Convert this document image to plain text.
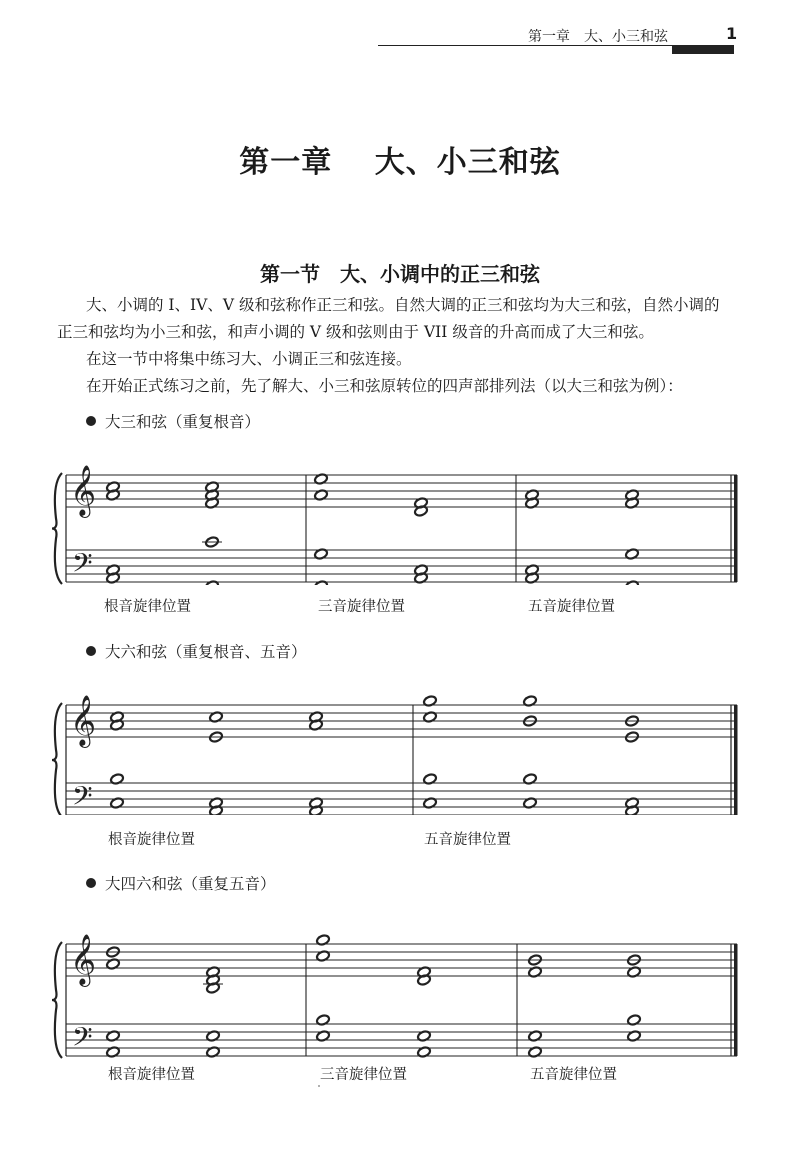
第一章　大、小三和弦	1
第一章　 大、小三和弦
第一节　大、小调中的正三和弦
大、小调的 I、IV、V 级和弦称作正三和弦。自然大调的正三和弦均为大三和弦，自然小调的
正三和弦均为小三和弦，和声小调的 V 级和弦则由于 VII 级音的升高而成了大三和弦。
在这一节中将集中练习大、小调正三和弦连接。
在开始正式练习之前，先了解大、小三和弦原转位的四声部排列法（以大三和弦为例）：
大三和弦（重复根音）
𝄞
𝄢
根音旋律位置	三音旋律位置	五音旋律位置
大六和弦（重复根音、五音）
𝄞
𝄢
根音旋律位置	五音旋律位置
大四六和弦（重复五音）
𝄞
𝄢
根音旋律位置	三音旋律位置	五音旋律位置
